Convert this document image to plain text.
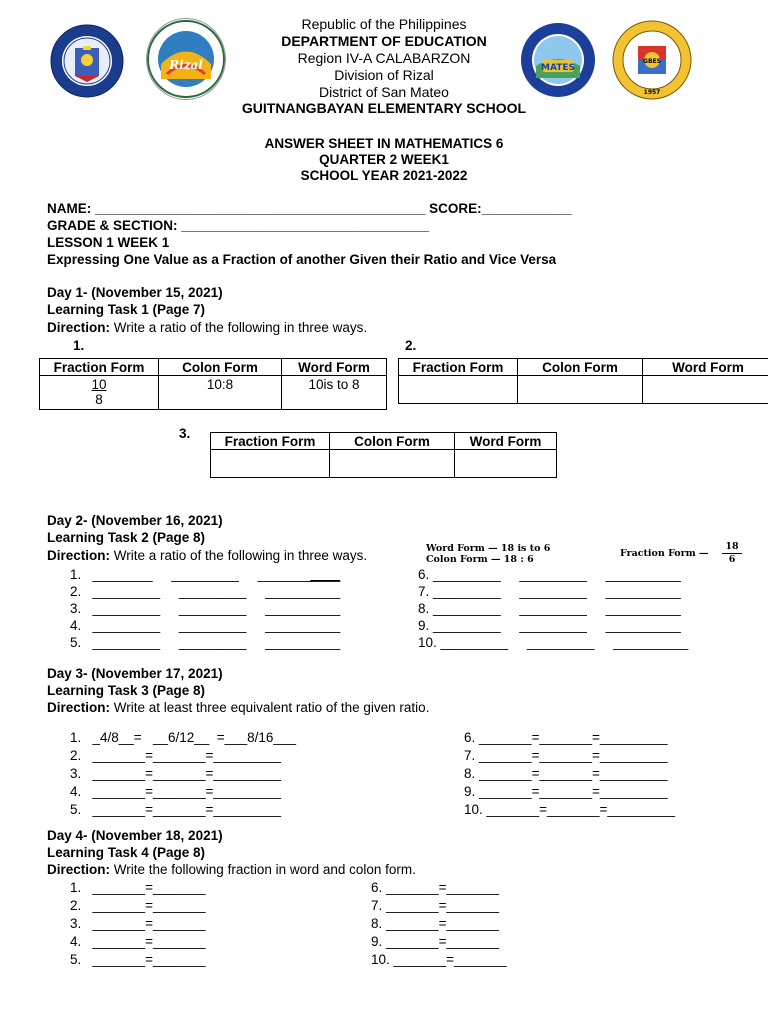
Rizal	MATES
GBES
1957
Republic of the Philippines
DEPARTMENT OF EDUCATION
Region IV-A CALABARZON
Division of Rizal
District of San Mateo
GUITNANGBAYAN ELEMENTARY SCHOOL
ANSWER SHEET IN MATHEMATICS 6
QUARTER 2 WEEK1
SCHOOL YEAR 2021-2022
NAME: ____________________________________________ SCORE:____________
GRADE & SECTION: _________________________________
LESSON 1 WEEK 1
Expressing One Value as a Fraction of another Given their Ratio and Vice Versa
Day 1- (November 15, 2021)
Learning Task 1 (Page 7)
Direction: Write a ratio of the following in three ways.
1.	2.
Fraction Form	Colon Form	Word Form

$\frac{10}{8}$	10:8	10is to 8
Fraction Form	Colon Form	Word Form

3.	Fraction Form	Colon Form	Word Form

Day 2- (November 16, 2021)
Learning Task 2 (Page 8)
Direction: Write a ratio of the following in three ways.	Word Form — 18 is to 6
Colon Form — 18 : 6
Fraction Form — $\frac{18}{6}$
1.   ________     _________     ___________
2.   _________     _________     __________
3.   _________     _________     __________
4.   _________     _________     __________
5.   _________     _________     __________
6. _________     _________     __________
7. _________     _________     __________
8. _________     _________     __________
9. _________     _________     __________
10. _________     _________     __________
Day 3- (November 17, 2021)
Learning Task 3 (Page 8)
Direction: Write at least three equivalent ratio of the given ratio.
1.   _4/8__=   __6/12__  =___8/16___
2.   _______=_______=_________
3.   _______=_______=_________
4.   _______=_______=_________
5.   _______=_______=_________
6. _______=_______=_________
7. _______=_______=_________
8. _______=_______=_________
9. _______=_______=_________
10. _______=_______=_________
Day 4- (November 18, 2021)
Learning Task 4 (Page 8)
Direction: Write the following fraction in word and colon form.
1.   _______=_______
2.   _______=_______
3.   _______=_______
4.   _______=_______
5.   _______=_______
6. _______=_______
7. _______=_______
8. _______=_______
9. _______=_______
10. _______=_______
